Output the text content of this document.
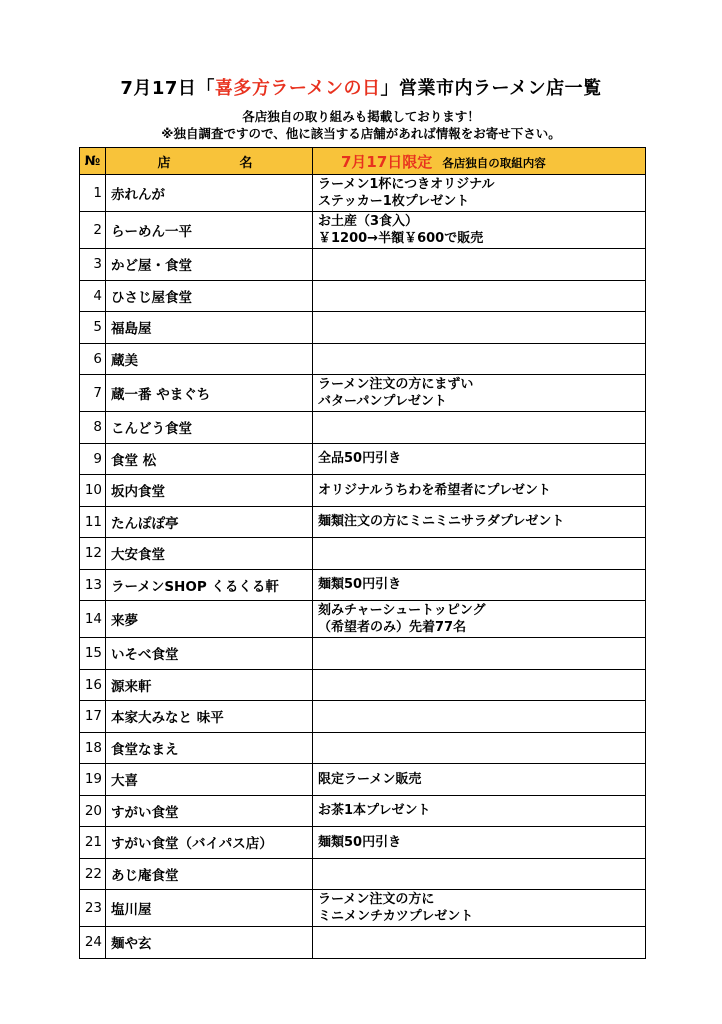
7月17日「喜多方ラーメンの日」営業市内ラーメン店一覧
各店独自の取り組みも掲載しております！
※独自調査ですので、他に該当する店舗があれば情報をお寄せ下さい。
№	店　名	7月17日限定 各店独自の取組内容
1	赤れんが	ラーメン1杯につきオリジナル
ステッカー1枚プレゼント

2	らーめん一平	お土産（3食入）
￥1200→半額￥600で販売

3	かど屋・食堂	
4	ひさじ屋食堂	
5	福島屋	
6	蔵美	
7	蔵一番 やまぐち	ラーメン注文の方にまずい
バターパンプレゼント

8	こんどう食堂	
9	食堂 松	全品50円引き

10	坂内食堂	オリジナルうちわを希望者にプレゼント

11	たんぽぽ亭	麺類注文の方にミニミニサラダプレゼント

12	大安食堂	
13	ラーメンSHOP くるくる軒	麺類50円引き

14	来夢	刻みチャーシュートッピング
（希望者のみ）先着77名

15	いそべ食堂	
16	源来軒	
17	本家大みなと 味平	
18	食堂なまえ	
19	大喜	限定ラーメン販売

20	すがい食堂	お茶1本プレゼント

21	すがい食堂（バイパス店）	麺類50円引き

22	あじ庵食堂	
23	塩川屋	ラーメン注文の方に
ミニメンチカツプレゼント

24	麺や玄	
